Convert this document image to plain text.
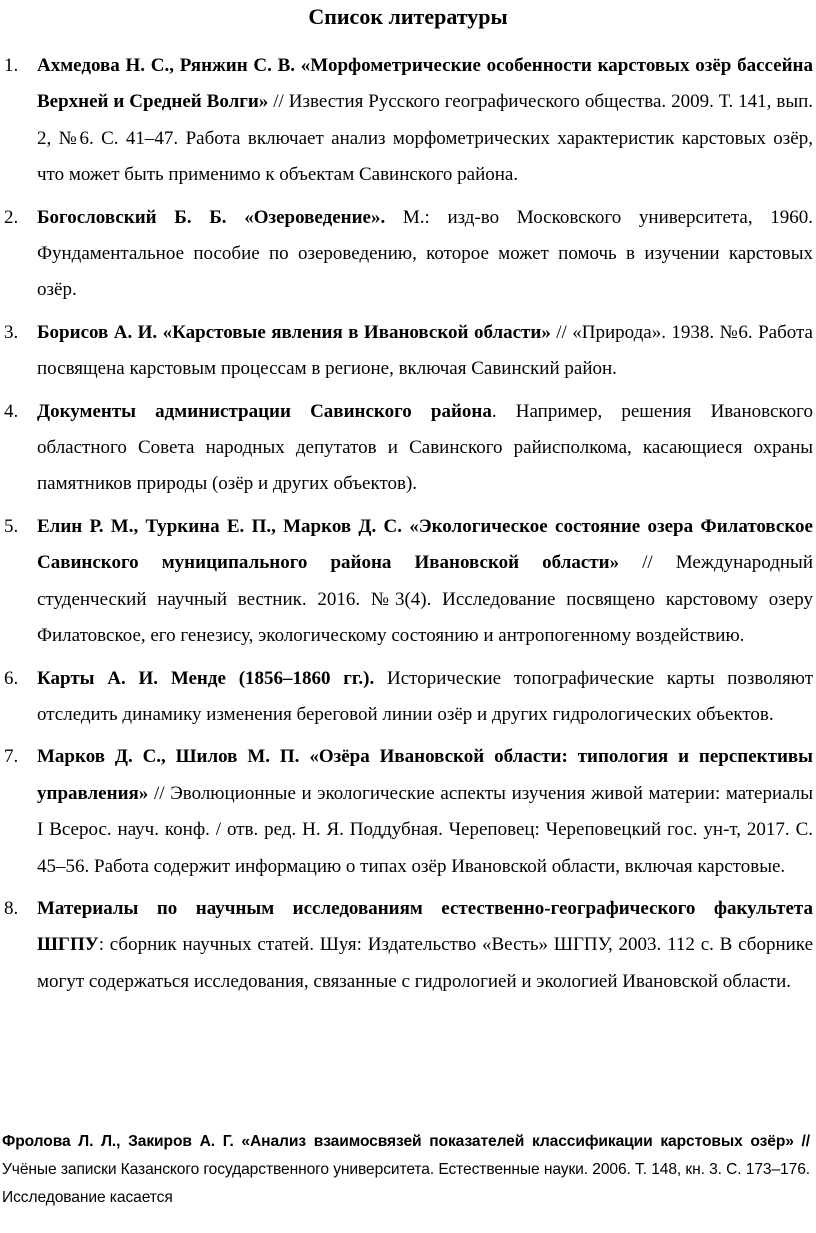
Список литературы
1. Ахмедова Н. С., Рянжин С. В. «Морфометрические особенности карстовых озёр бассейна Верхней и Средней Волги» // Известия Русского географического общества. 2009. Т. 141, вып. 2, №6. С. 41–47. Работа включает анализ морфометрических характеристик карстовых озёр, что может быть применимо к объектам Савинского района.
2. Богословский Б. Б. «Озероведение». М.: изд-во Московского университета, 1960. Фундаментальное пособие по озероведению, которое может помочь в изучении карстовых озёр.
3. Борисов А. И. «Карстовые явления в Ивановской области» // «Природа». 1938. №6. Работа посвящена карстовым процессам в регионе, включая Савинский район.
4. Документы администрации Савинского района. Например, решения Ивановского областного Совета народных депутатов и Савинского райисполкома, касающиеся охраны памятников природы (озёр и других объектов).
5. Елин Р. М., Туркина Е. П., Марков Д. С. «Экологическое состояние озера Филатовское Савинского муниципального района Ивановской области» // Международный студенческий научный вестник. 2016. №3(4). Исследование посвящено карстовому озеру Филатовское, его генезису, экологическому состоянию и антропогенному воздействию.
6. Карты А. И. Менде (1856–1860 гг.). Исторические топографические карты позволяют отследить динамику изменения береговой линии озёр и других гидрологических объектов.
7. Марков Д. С., Шилов М. П. «Озёра Ивановской области: типология и перспективы управления» // Эволюционные и экологические аспекты изучения живой материи: материалы I Всерос. науч. конф. / отв. ред. Н. Я. Поддубная. Череповец: Череповецкий гос. ун-т, 2017. С. 45–56. Работа содержит информацию о типах озёр Ивановской области, включая карстовые.
8. Материалы по научным исследованиям естественно-географического факультета ШГПУ: сборник научных статей. Шуя: Издательство «Весть» ШГПУ, 2003. 112 с. В сборнике могут содержаться исследования, связанные с гидрологией и экологией Ивановской области.
Фролова Л. Л., Закиров А. Г. «Анализ взаимосвязей показателей классификации карстовых озёр» // Учёные записки Казанского государственного университета. Естественные науки. 2006. Т. 148, кн. 3. С. 173–176. Исследование касается
